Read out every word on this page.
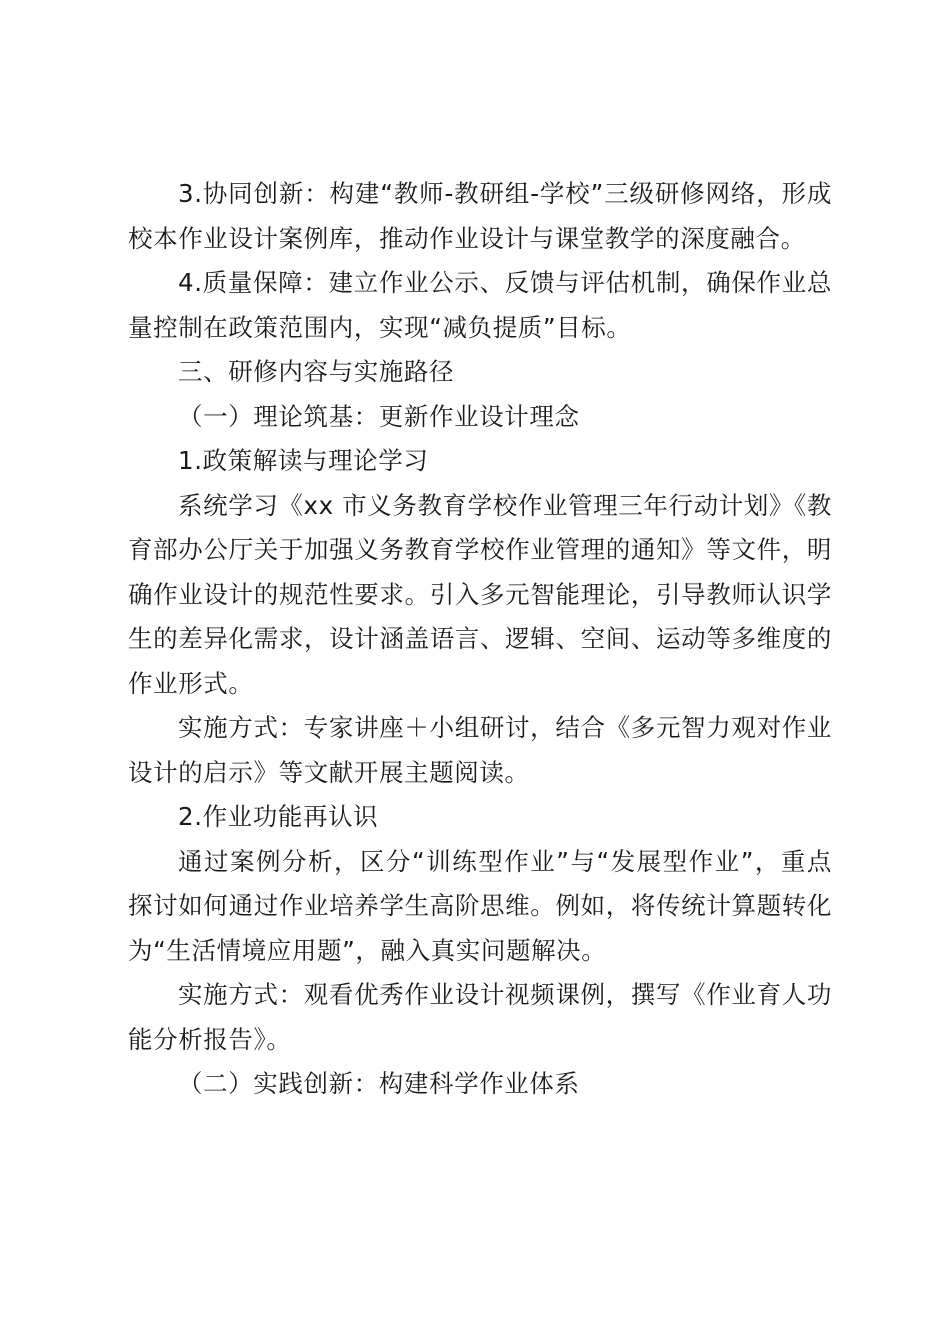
3.协同创新：构建“教师-教研组-学校”三级研修网络，形成校本作业设计案例库，推动作业设计与课堂教学的深度融合。

4.质量保障：建立作业公示、反馈与评估机制，确保作业总量控制在政策范围内，实现“减负提质”目标。

三、研修内容与实施路径

（一）理论筑基：更新作业设计理念

1.政策解读与理论学习

系统学习《xx 市义务教育学校作业管理三年行动计划》《教育部办公厅关于加强义务教育学校作业管理的通知》等文件，明确作业设计的规范性要求。引入多元智能理论，引导教师认识学生的差异化需求，设计涵盖语言、逻辑、空间、运动等多维度的作业形式。

实施方式：专家讲座＋小组研讨，结合《多元智力观对作业设计的启示》等文献开展主题阅读。

2.作业功能再认识

通过案例分析，区分“训练型作业”与“发展型作业”，重点探讨如何通过作业培养学生高阶思维。例如，将传统计算题转化为“生活情境应用题”，融入真实问题解决。

实施方式：观看优秀作业设计视频课例，撰写《作业育人功能分析报告》。

（二）实践创新：构建科学作业体系
